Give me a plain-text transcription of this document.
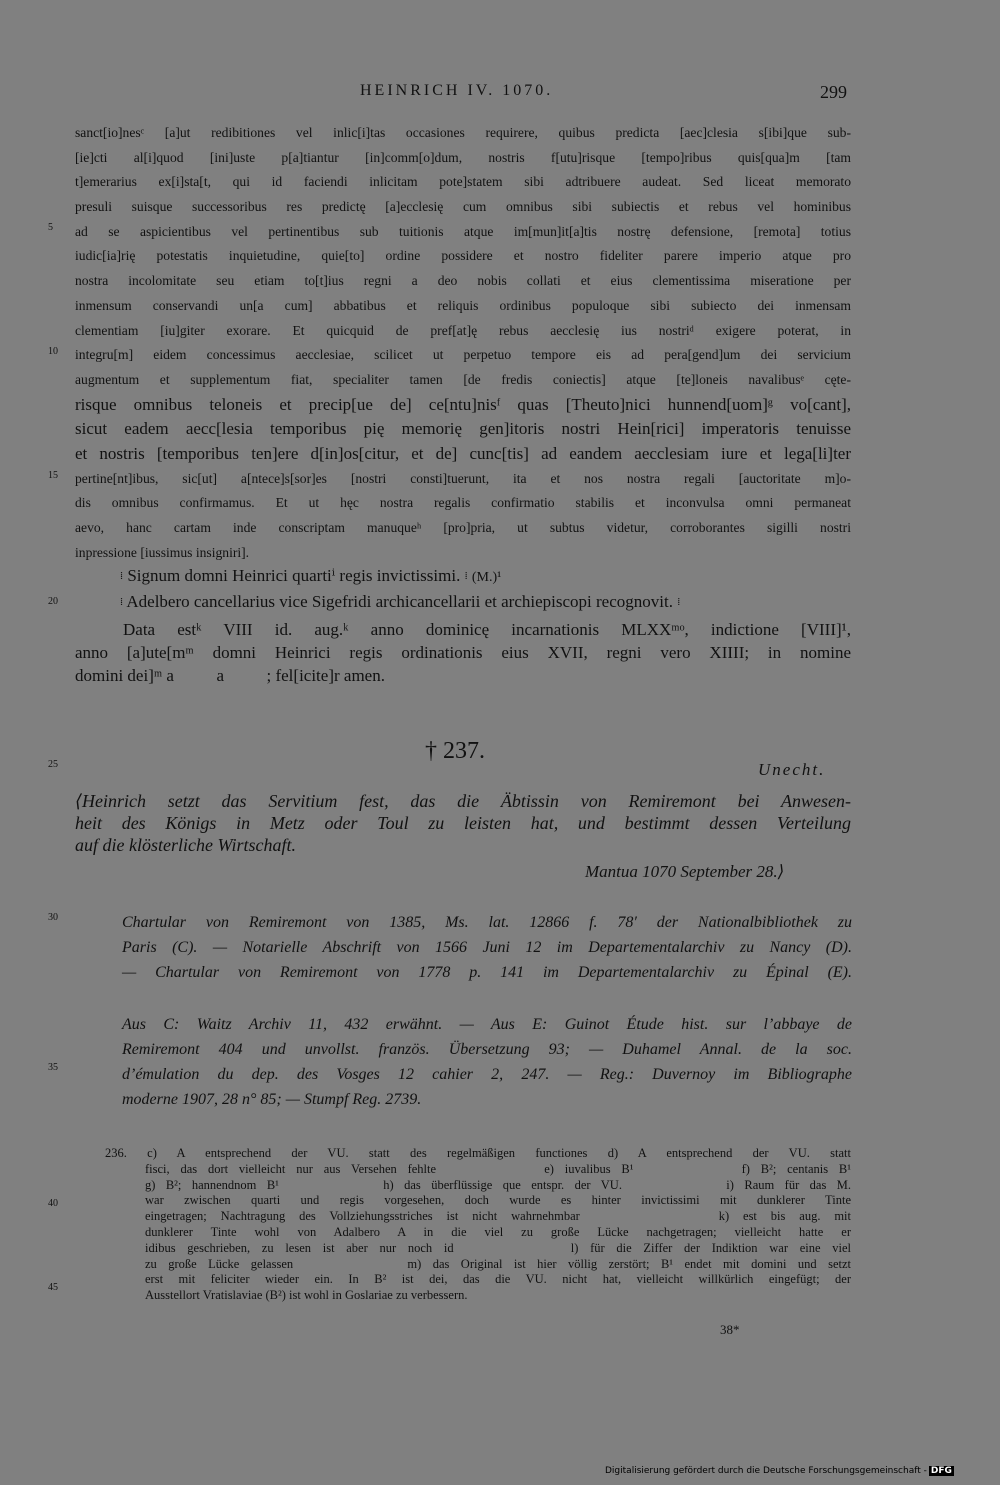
HEINRICH IV. 1070.	299
5
10
15
20
25
30
35
40
45
sanct[io]nesᶜ [a]ut redibitiones vel inlic[i]tas occasiones requirere, quibus predicta [aec]clesia s[ibi]que sub-
[ie]cti al[i]quod [ini]uste p[a]tiantur [in]comm[o]dum, nostris f[utu]risque [tempo]ribus quis[qua]m [tam
t]emerarius ex[i]sta[t, qui id faciendi inlicitam pote]statem sibi adtribuere audeat. Sed liceat memorato
presuli suisque successoribus res predictę [a]ecclesię cum omnibus sibi subiectis et rebus vel hominibus
ad se aspicientibus vel pertinentibus sub tuitionis atque im[mun]it[a]tis nostrę defensione, [remota] totius
iudic[ia]rię potestatis inquietudine, quie[to] ordine possidere et nostro fideliter parere imperio atque pro
nostra incolomitate seu etiam to[t]ius regni a deo nobis collati et eius clementissima miseratione per
inmensum conservandi un[a cum] abbatibus et reliquis ordinibus populoque sibi subiecto dei inmensam
clementiam [iu]giter exorare. Et quicquid de pref[at]ę rebus aecclesię ius nostriᵈ exigere poterat, in
integru[m] eidem concessimus aecclesiae, scilicet ut perpetuo tempore eis ad pera[gend]um dei servicium
augmentum et supplementum fiat, specialiter tamen [de fredis coniectis] atque [te]loneis navalibusᵉ cęte-
risque omnibus teloneis et precip[ue de] ce[ntu]nisᶠ quas [Theuto]nici hunnend[uom]ᵍ vo[cant],
sicut eadem aecc[lesia temporibus pię memorię gen]itoris nostri Hein[rici] imperatoris tenuisse
et nostris [temporibus ten]ere d[in]os[citur, et de] cunc[tis] ad eandem aecclesiam iure et lega[li]ter
pertine[nt]ibus, sic[ut] a[ntece]s[sor]es [nostri consti]tuerunt, ita et nos nostra regali [auctoritate m]o-
dis omnibus confirmamus. Et ut hęc nostra regalis confirmatio stabilis et inconvulsa omni permaneat
aevo, hanc cartam inde conscriptam manuqueʰ [pro]pria, ut subtus videtur, corroborantes sigilli nostri
inpressione [iussimus insigniri].
⁞ Signum domni Heinrici quartiⁱ regis invictissimi. ⁞ (M.)¹
⁞ Adelbero cancellarius vice Sigefridi archicancellarii et archiepiscopi recognovit. ⁞
Data estᵏ VIII id. aug.ᵏ anno dominicę incarnationis MLXXᵐᵒ, indictione [VIII]¹,
anno [a]ute[mᵐ domni Heinrici regis ordinationis eius XVII, regni vero XIIII; in nomine
domini dei]ᵐ a          a          ; fel[icite]r amen.
† 237.
Unecht.
⟨Heinrich setzt das Servitium fest, das die Äbtissin von Remiremont bei Anwesen-
heit des Königs in Metz oder Toul zu leisten hat, und bestimmt dessen Verteilung
auf die klösterliche Wirtschaft.
Mantua 1070 September 28.⟩
Chartular von Remiremont von 1385, Ms. lat. 12866 f. 78′ der Nationalbibliothek zu
Paris (C). — Notarielle Abschrift von 1566 Juni 12 im Departementalarchiv zu Nancy (D).
— Chartular von Remiremont von 1778 p. 141 im Departementalarchiv zu Épinal (E).
Aus C: Waitz Archiv 11, 432 erwähnt. — Aus E: Guinot Étude hist. sur l’abbaye de
Remiremont 404 und unvollst. französ. Übersetzung 93; — Duhamel Annal. de la soc.
d’émulation du dep. des Vosges 12 cahier 2, 247. — Reg.: Duvernoy im Bibliographe
moderne 1907, 28 n° 85; — Stumpf Reg. 2739.
236. c) A entsprechend der VU. statt des regelmäßigen functiones d) A entsprechend der VU. statt
fisci, das dort vielleicht nur aus Versehen fehlte          e) iuvalibus B¹          f) B²; centanis B¹
g) B²; hannendnom B¹          h) das überflüssige que entspr. der VU.          i) Raum für das M.
war zwischen quarti und regis vorgesehen, doch wurde es hinter invictissimi mit dunklerer Tinte
eingetragen; Nachtragung des Vollziehungsstriches ist nicht wahrnehmbar          k) est bis aug. mit
dunklerer Tinte wohl von Adalbero A in die viel zu große Lücke nachgetragen; vielleicht hatte er
idibus geschrieben, zu lesen ist aber nur noch id          l) für die Ziffer der Indiktion war eine viel
zu große Lücke gelassen          m) das Original ist hier völlig zerstört; B¹ endet mit domini und setzt
erst mit feliciter wieder ein. In B² ist dei, das die VU. nicht hat, vielleicht willkürlich eingefügt; der
Ausstellort Vratislaviae (B²) ist wohl in Goslariae zu verbessern.
38*
Digitalisierung gefördert durch die Deutsche Forschungsgemeinschaft - DFG
